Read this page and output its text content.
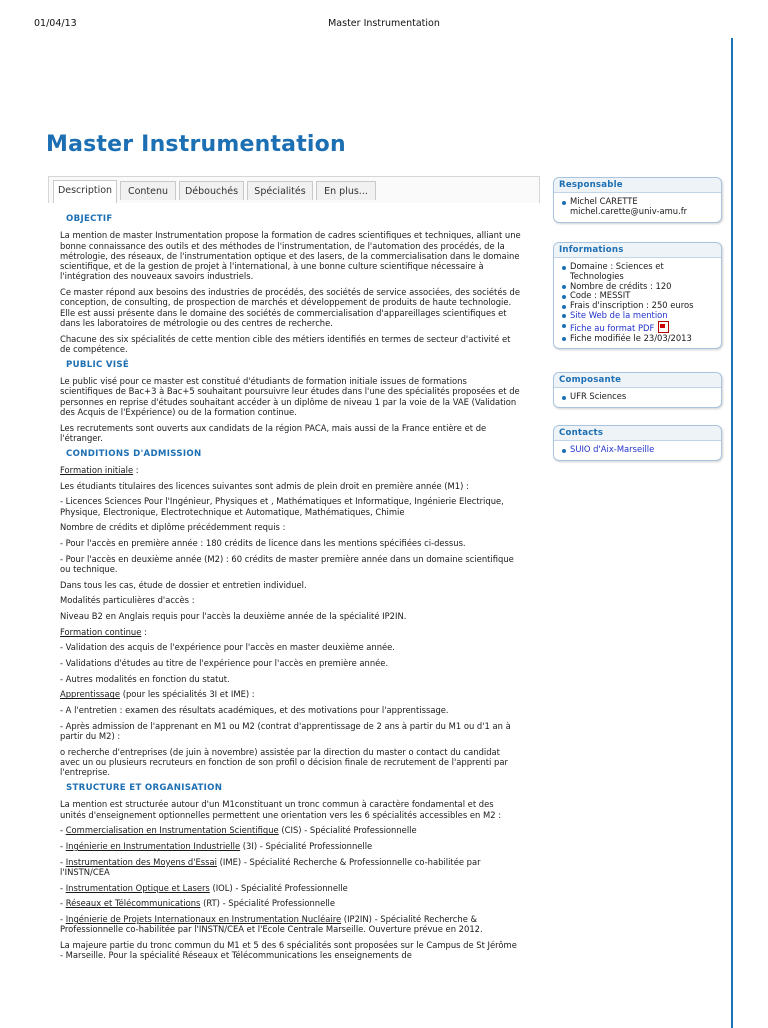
01/04/13	Master Instrumentation
Master Instrumentation
Description	Contenu	Débouchés	Spécialités	En plus...
OBJECTIF

La mention de master Instrumentation propose la formation de cadres scientifiques et techniques, alliant une bonne connaissance des outils et des méthodes de l'instrumentation, de l'automation des procédés, de la métrologie, des réseaux, de l'instrumentation optique et des lasers, de la commercialisation dans le domaine scientifique, et de la gestion de projet à l'international, à une bonne culture scientifique nécessaire à l'intégration des nouveaux savoirs industriels.

Ce master répond aux besoins des industries de procédés, des sociétés de service associées, des sociétés de conception, de consulting, de prospection de marchés et développement de produits de haute technologie. Elle est aussi présente dans le domaine des sociétés de commercialisation d'appareillages scientifiques et dans les laboratoires de métrologie ou des centres de recherche.

Chacune des six spécialités de cette mention cible des métiers identifiés en termes de secteur d'activité et de compétence.

PUBLIC VISÉ

Le public visé pour ce master est constitué d'étudiants de formation initiale issues de formations scientifiques de Bac+3 à Bac+5 souhaitant poursuivre leur études dans l'une des spécialités proposées et de personnes en reprise d'études souhaitant accéder à un diplôme de niveau 1 par la voie de la VAE (Validation des Acquis de l'Expérience) ou de la formation continue.

Les recrutements sont ouverts aux candidats de la région PACA, mais aussi de la France entière et de l'étranger.

CONDITIONS D'ADMISSION

Formation initiale :

Les étudiants titulaires des licences suivantes sont admis de plein droit en première année (M1) :

- Licences Sciences Pour l'Ingénieur, Physiques et , Mathématiques et Informatique, Ingénierie Electrique, Physique, Electronique, Electrotechnique et Automatique, Mathématiques, Chimie

Nombre de crédits et diplôme précédemment requis :

- Pour l'accès en première année : 180 crédits de licence dans les mentions spécifiées ci-dessus.

- Pour l'accès en deuxième année (M2) : 60 crédits de master première année dans un domaine scientifique ou technique.

Dans tous les cas, étude de dossier et entretien individuel.

Modalités particulières d'accès :

Niveau B2 en Anglais requis pour l'accès la deuxième année de la spécialité IP2IN.

Formation continue :

- Validation des acquis de l'expérience pour l'accès en master deuxième année.

- Validations d'études au titre de l'expérience pour l'accès en première année.

- Autres modalités en fonction du statut.

Apprentissage (pour les spécialités 3I et IME) :

- A l'entretien : examen des résultats académiques, et des motivations pour l'apprentissage.

- Après admission de l'apprenant en M1 ou M2 (contrat d'apprentissage de 2 ans à partir du M1 ou d'1 an à partir du M2) :

o recherche d'entreprises (de juin à novembre) assistée par la direction du master o contact du candidat avec un ou plusieurs recruteurs en fonction de son profil o décision finale de recrutement de l'apprenti par l'entreprise.

STRUCTURE ET ORGANISATION

La mention est structurée autour d'un M1constituant un tronc commun à caractère fondamental et des unités d'enseignement optionnelles permettent une orientation vers les 6 spécialités accessibles en M2 :

- Commercialisation en Instrumentation Scientifique (CIS) - Spécialité Professionnelle

- Ingénierie en Instrumentation Industrielle (3I) - Spécialité Professionnelle

- Instrumentation des Moyens d'Essai (IME) - Spécialité Recherche & Professionnelle co-habilitée par l'INSTN/CEA

- Instrumentation Optique et Lasers (IOL) - Spécialité Professionnelle

- Réseaux et Télécommunications (RT) - Spécialité Professionnelle

- Ingénierie de Projets Internationaux en Instrumentation Nucléaire (IP2IN) - Spécialité Recherche & Professionnelle co-habilitée par l'INSTN/CEA et l'Ecole Centrale Marseille. Ouverture prévue en 2012.

La majeure partie du tronc commun du M1 et 5 des 6 spécialités sont proposées sur le Campus de St Jérôme - Marseille. Pour la spécialité Réseaux et Télécommunications les enseignements de

Responsable
Michel CARETTE
michel.carette@univ-amu.fr
Informations
Domaine : Sciences et Technologies
Nombre de crédits : 120
Code : MESSIT
Frais d'inscription : 250 euros
Site Web de la mention
Fiche au format PDF
Fiche modifiée le 23/03/2013
Composante
UFR Sciences
Contacts
SUIO d'Aix-Marseille
